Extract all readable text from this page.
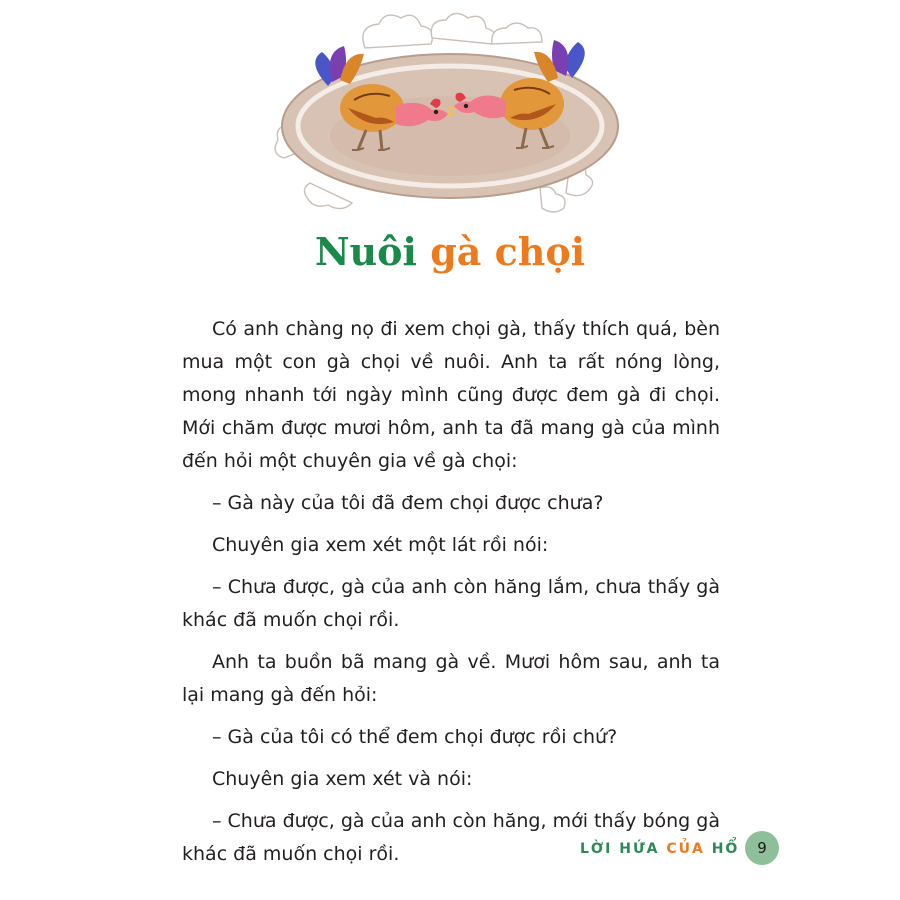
Nuôi gà chọi

Có anh chàng nọ đi xem chọi gà, thấy thích quá, bèn mua một con gà chọi về nuôi. Anh ta rất nóng lòng, mong nhanh tới ngày mình cũng được đem gà đi chọi. Mới chăm được mươi hôm, anh ta đã mang gà của mình đến hỏi một chuyên gia về gà chọi:

– Gà này của tôi đã đem chọi được chưa?

Chuyên gia xem xét một lát rồi nói:

– Chưa được, gà của anh còn hăng lắm, chưa thấy gà khác đã muốn chọi rồi.

Anh ta buồn bã mang gà về. Mươi hôm sau, anh ta lại mang gà đến hỏi:

– Gà của tôi có thể đem chọi được rồi chứ?

Chuyên gia xem xét và nói:

– Chưa được, gà của anh còn hăng, mới thấy bóng gà khác đã muốn chọi rồi.	LỜI HỨA CỦA HỔ	9
